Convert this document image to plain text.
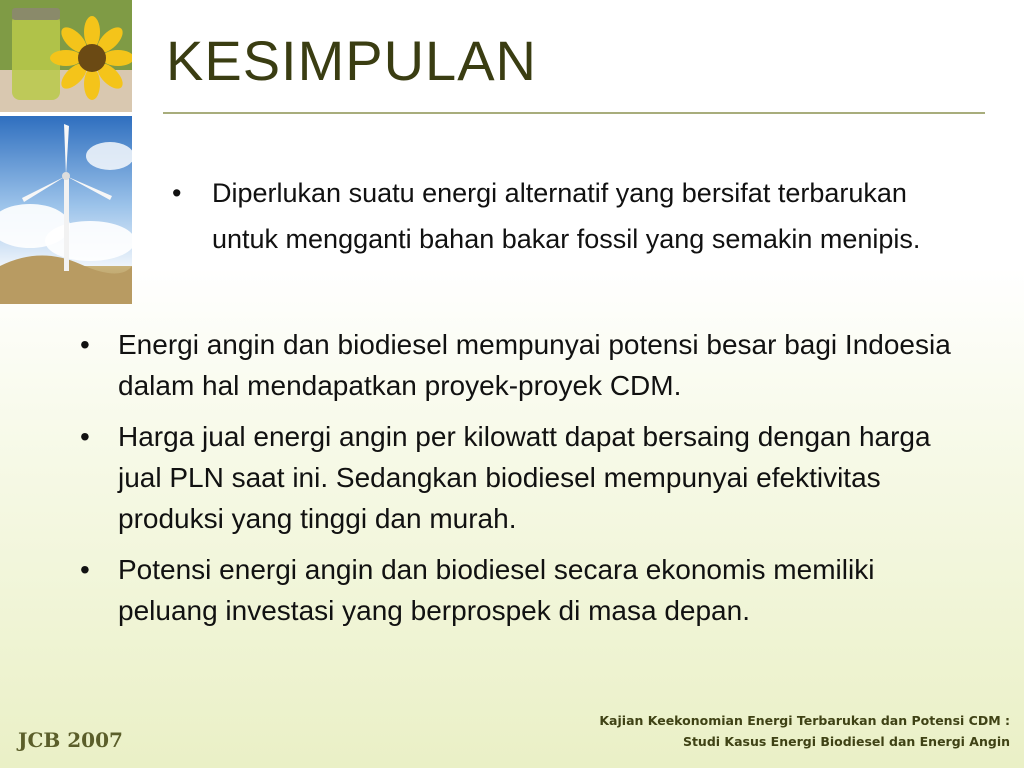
KESIMPULAN
• Diperlukan suatu energi alternatif yang bersifat terbarukan untuk mengganti bahan bakar fossil yang semakin menipis.
• Energi angin dan biodiesel mempunyai potensi besar bagi Indoesia dalam hal mendapatkan proyek-proyek CDM.
• Harga jual energi angin per kilowatt dapat bersaing dengan harga jual PLN saat ini. Sedangkan biodiesel mempunyai efektivitas produksi yang tinggi dan murah.
• Potensi energi angin dan biodiesel secara ekonomis memiliki peluang investasi yang berprospek di masa depan.

JCB 2007

Kajian Keekonomian Energi Terbarukan dan Potensi CDM :
Studi Kasus Energi Biodiesel dan Energi Angin
